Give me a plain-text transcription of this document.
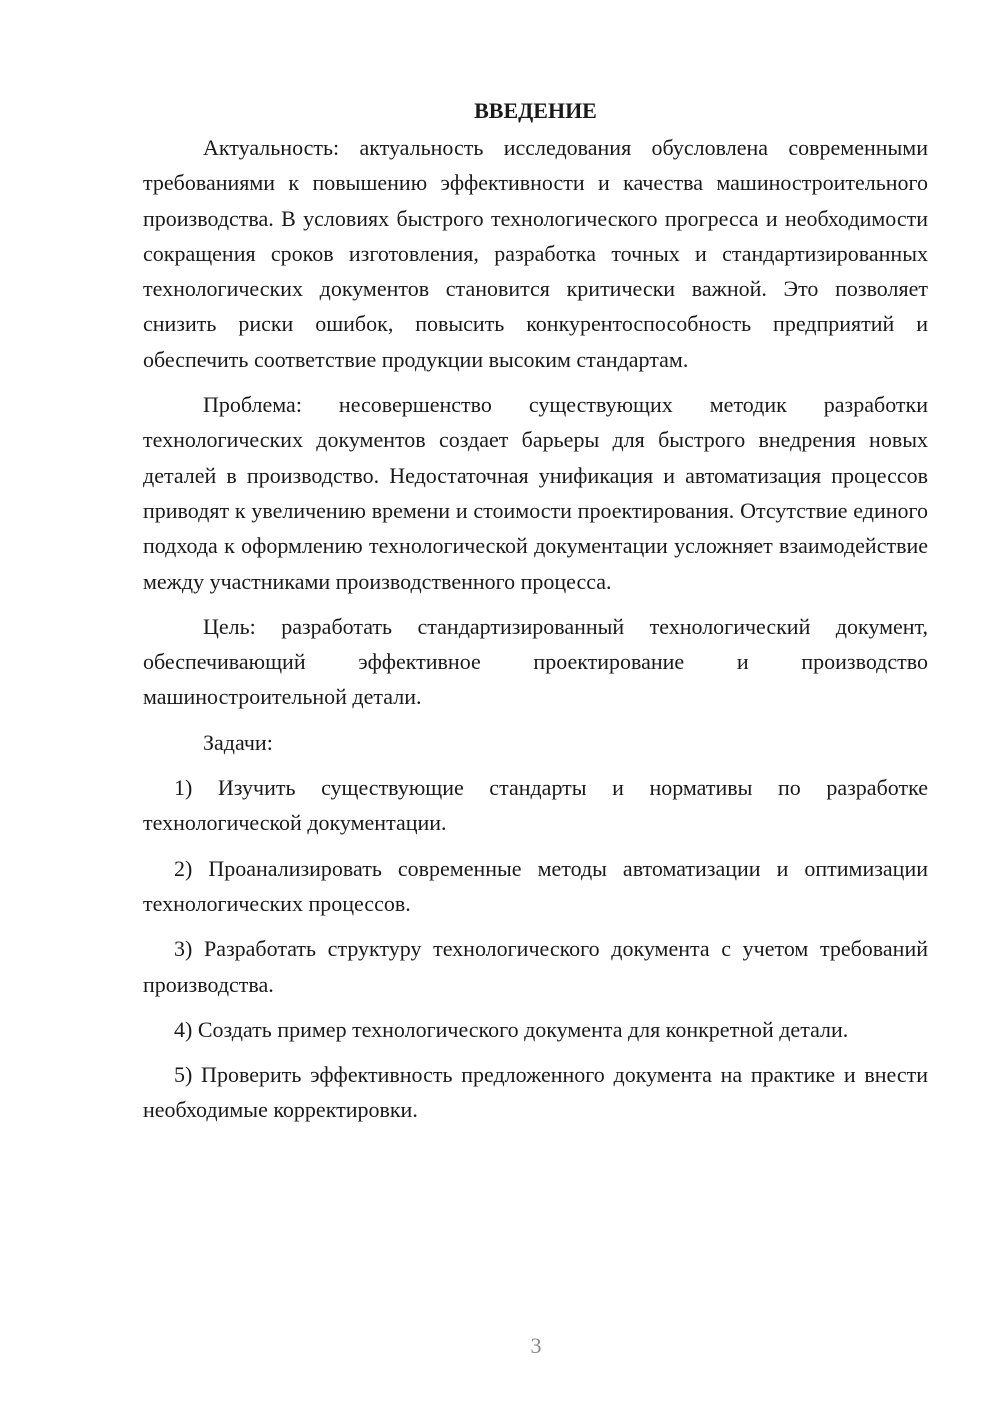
ВВЕДЕНИЕ

Актуальность: актуальность исследования обусловлена современными требованиями к повышению эффективности и качества машиностроительного производства. В условиях быстрого технологического прогресса и необходимости сокращения сроков изготовления, разработка точных и стандартизированных технологических документов становится критически важной. Это позволяет снизить риски ошибок, повысить конкурентоспособность предприятий и обеспечить соответствие продукции высоким стандартам.

Проблема: несовершенство существующих методик разработки технологических документов создает барьеры для быстрого внедрения новых деталей в производство. Недостаточная унификация и автоматизация процессов приводят к увеличению времени и стоимости проектирования. Отсутствие единого подхода к оформлению технологической документации усложняет взаимодействие между участниками производственного процесса.

Цель: разработать стандартизированный технологический документ, обеспечивающий эффективное проектирование и производство машиностроительной детали.

Задачи:

1) Изучить существующие стандарты и нормативы по разработке технологической документации.

2) Проанализировать современные методы автоматизации и оптимизации технологических процессов.

3) Разработать структуру технологического документа с учетом требований производства.

4) Создать пример технологического документа для конкретной детали.

5) Проверить эффективность предложенного документа на практике и внести необходимые корректировки.

3
